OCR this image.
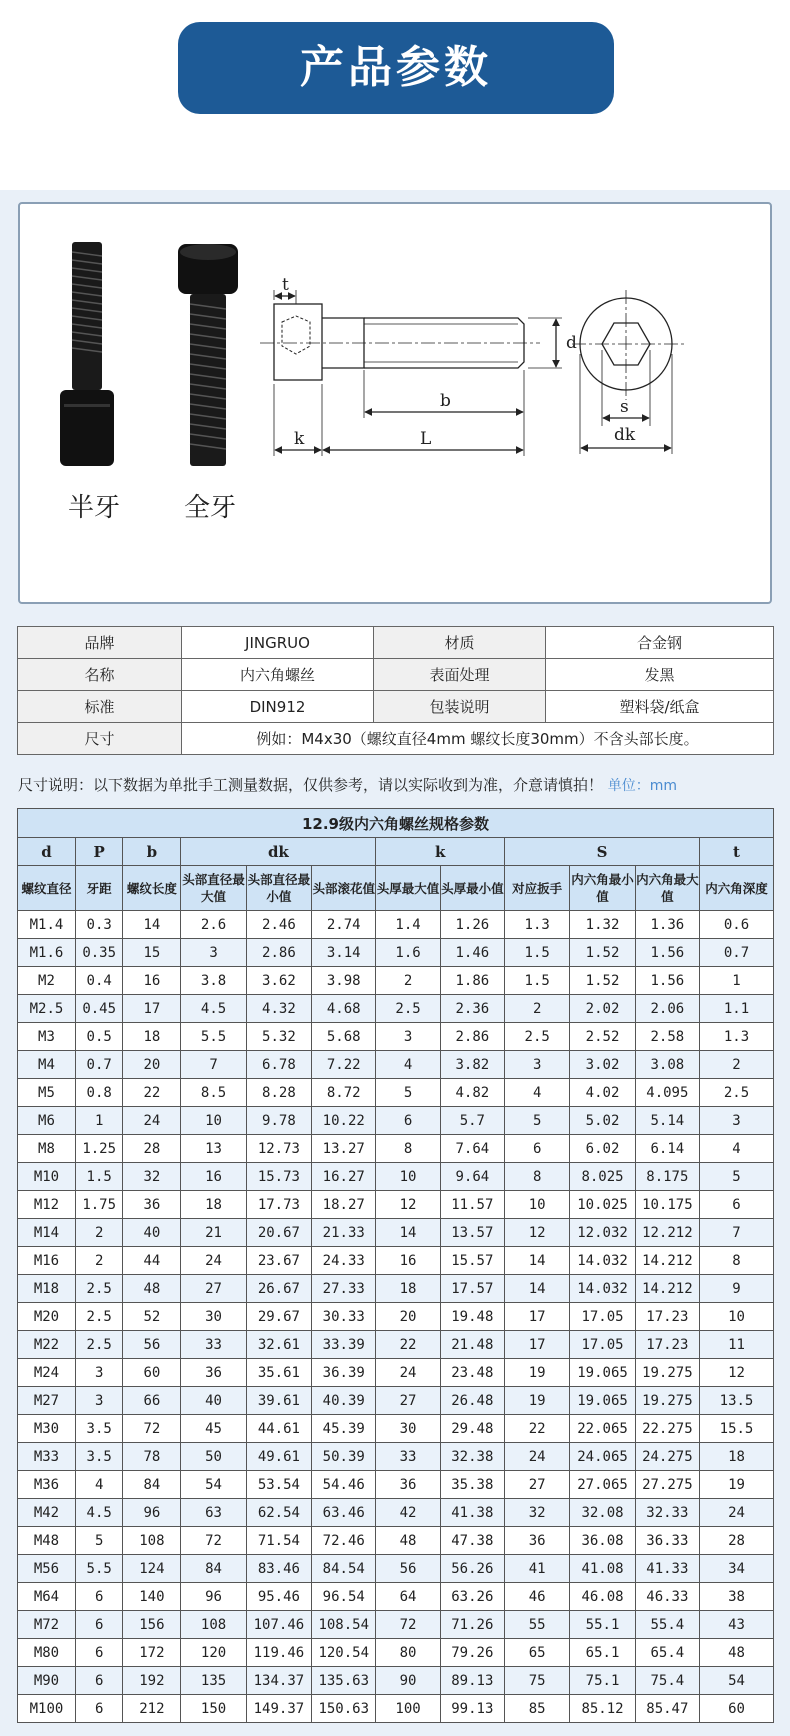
产品参数
半牙 全牙
t
k	L
b
d
s
dk
品牌	JINGRUO	材质	合金钢
名称	内六角螺丝	表面处理	发黑
标准	DIN912	包装说明	塑料袋/纸盒
尺寸	例如：M4x30（螺纹直径4mm 螺纹长度30mm）不含头部长度。		
尺寸说明：以下数据为单批手工测量数据，仅供参考，请以实际收到为准，介意请慎拍！ 单位：mm
12.9级内六角螺丝规格参数											
d	P	b	dk			k		S			t
螺纹直径	牙距	螺纹长度	头部直径最大值	头部直径最小值	头部滚花值	头厚最大值	头厚最小值	对应扳手	内六角最小值	内六角最大值	内六角深度
M1.4	0.3	14	2.6	2.46	2.74	1.4	1.26	1.3	1.32	1.36	0.6
M1.6	0.35	15	3	2.86	3.14	1.6	1.46	1.5	1.52	1.56	0.7
M2	0.4	16	3.8	3.62	3.98	2	1.86	1.5	1.52	1.56	1
M2.5	0.45	17	4.5	4.32	4.68	2.5	2.36	2	2.02	2.06	1.1
M3	0.5	18	5.5	5.32	5.68	3	2.86	2.5	2.52	2.58	1.3
M4	0.7	20	7	6.78	7.22	4	3.82	3	3.02	3.08	2
M5	0.8	22	8.5	8.28	8.72	5	4.82	4	4.02	4.095	2.5
M6	1	24	10	9.78	10.22	6	5.7	5	5.02	5.14	3
M8	1.25	28	13	12.73	13.27	8	7.64	6	6.02	6.14	4
M10	1.5	32	16	15.73	16.27	10	9.64	8	8.025	8.175	5
M12	1.75	36	18	17.73	18.27	12	11.57	10	10.025	10.175	6
M14	2	40	21	20.67	21.33	14	13.57	12	12.032	12.212	7
M16	2	44	24	23.67	24.33	16	15.57	14	14.032	14.212	8
M18	2.5	48	27	26.67	27.33	18	17.57	14	14.032	14.212	9
M20	2.5	52	30	29.67	30.33	20	19.48	17	17.05	17.23	10
M22	2.5	56	33	32.61	33.39	22	21.48	17	17.05	17.23	11
M24	3	60	36	35.61	36.39	24	23.48	19	19.065	19.275	12
M27	3	66	40	39.61	40.39	27	26.48	19	19.065	19.275	13.5
M30	3.5	72	45	44.61	45.39	30	29.48	22	22.065	22.275	15.5
M33	3.5	78	50	49.61	50.39	33	32.38	24	24.065	24.275	18
M36	4	84	54	53.54	54.46	36	35.38	27	27.065	27.275	19
M42	4.5	96	63	62.54	63.46	42	41.38	32	32.08	32.33	24
M48	5	108	72	71.54	72.46	48	47.38	36	36.08	36.33	28
M56	5.5	124	84	83.46	84.54	56	56.26	41	41.08	41.33	34
M64	6	140	96	95.46	96.54	64	63.26	46	46.08	46.33	38
M72	6	156	108	107.46	108.54	72	71.26	55	55.1	55.4	43
M80	6	172	120	119.46	120.54	80	79.26	65	65.1	65.4	48
M90	6	192	135	134.37	135.63	90	89.13	75	75.1	75.4	54
M100	6	212	150	149.37	150.63	100	99.13	85	85.12	85.47	60
